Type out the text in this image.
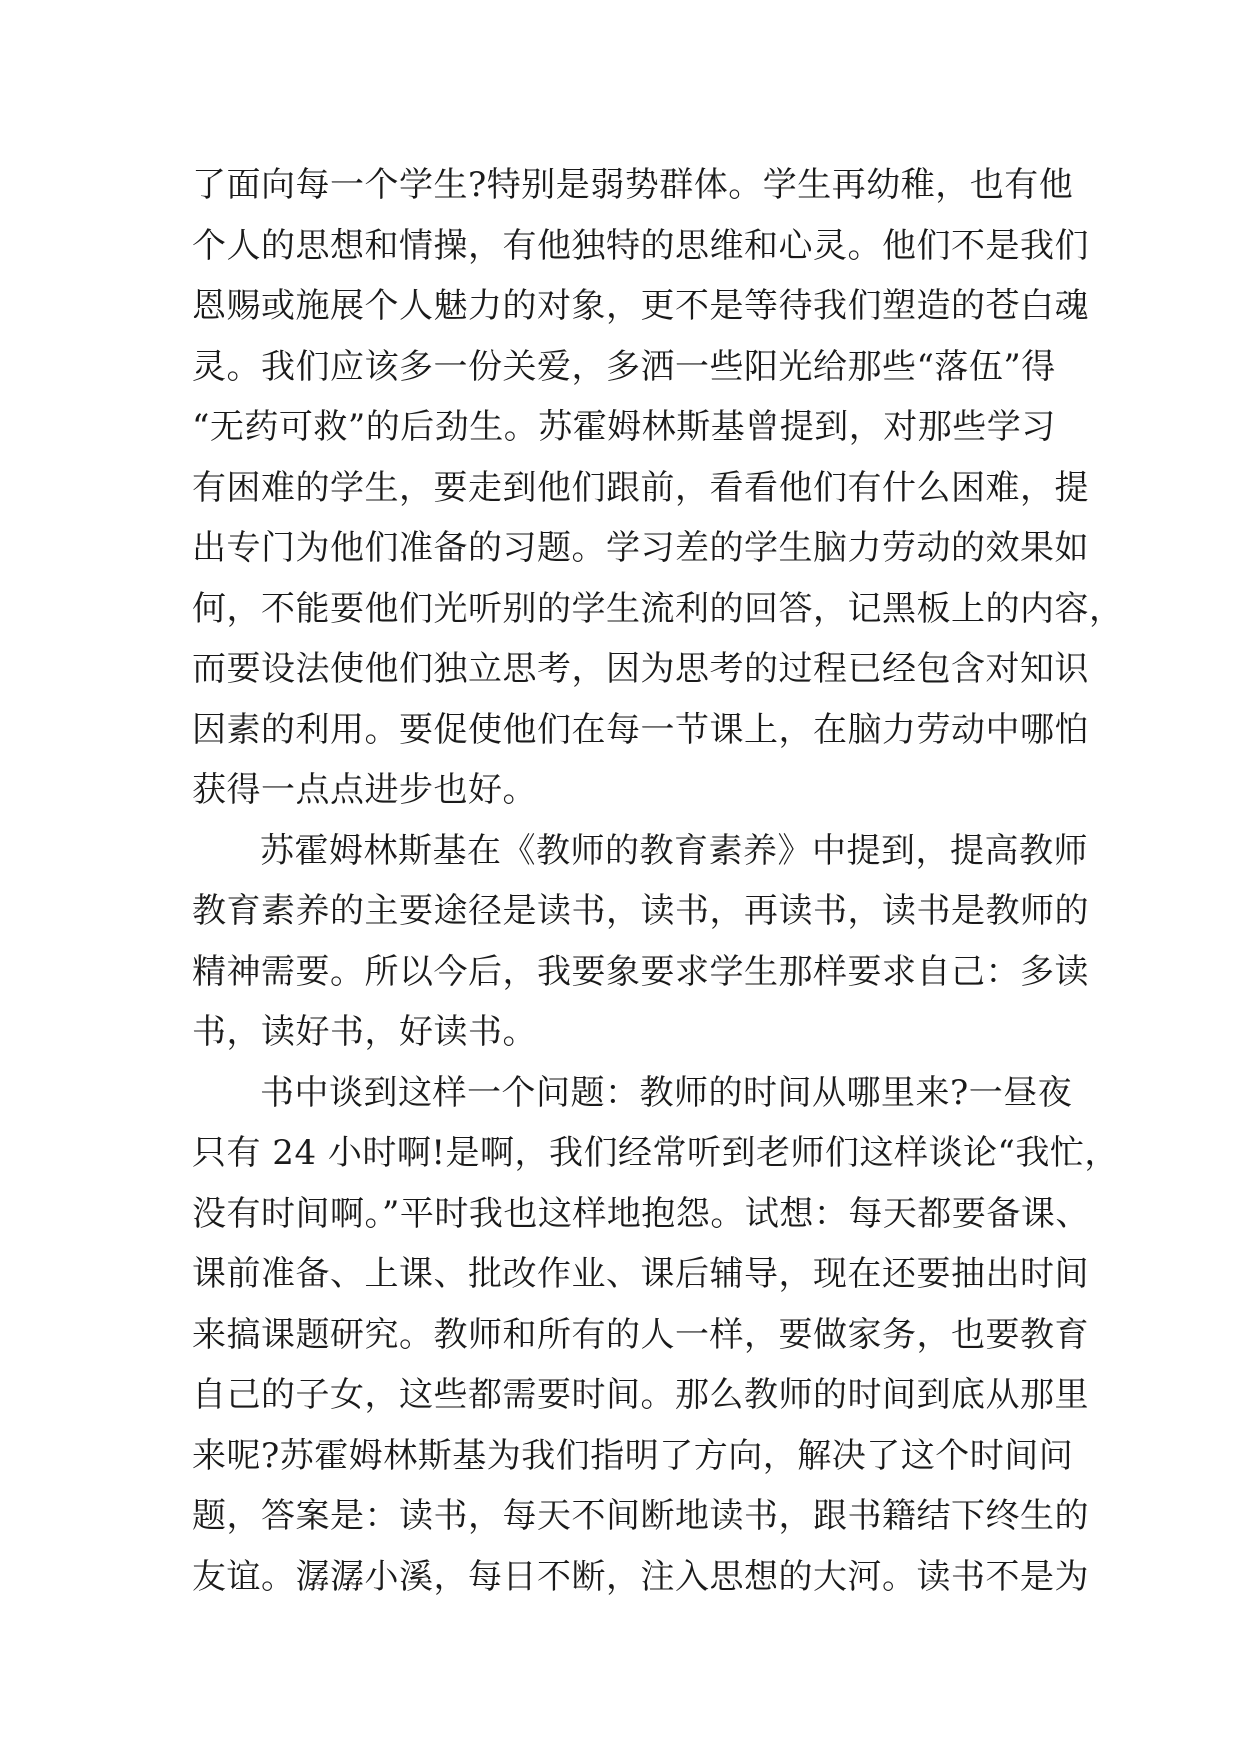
了面向每一个学生?特别是弱势群体。学生再幼稚，也有他
个人的思想和情操，有他独特的思维和心灵。他们不是我们
恩赐或施展个人魅力的对象，更不是等待我们塑造的苍白魂
灵。我们应该多一份关爱，多洒一些阳光给那些“落伍”得
“无药可救”的后劲生。苏霍姆林斯基曾提到，对那些学习
有困难的学生，要走到他们跟前，看看他们有什么困难，提
出专门为他们准备的习题。学习差的学生脑力劳动的效果如
何，不能要他们光听别的学生流利的回答，记黑板上的内容，
而要设法使他们独立思考，因为思考的过程已经包含对知识
因素的利用。要促使他们在每一节课上，在脑力劳动中哪怕
获得一点点进步也好。
苏霍姆林斯基在《教师的教育素养》中提到，提高教师
教育素养的主要途径是读书，读书，再读书，读书是教师的
精神需要。所以今后，我要象要求学生那样要求自己：多读
书，读好书，好读书。
书中谈到这样一个问题：教师的时间从哪里来?一昼夜
只有 24 小时啊!是啊，我们经常听到老师们这样谈论“我忙，
没有时间啊。”平时我也这样地抱怨。试想：每天都要备课、
课前准备、上课、批改作业、课后辅导，现在还要抽出时间
来搞课题研究。教师和所有的人一样，要做家务，也要教育
自己的子女，这些都需要时间。那么教师的时间到底从那里
来呢?苏霍姆林斯基为我们指明了方向，解决了这个时间问
题，答案是：读书，每天不间断地读书，跟书籍结下终生的
友谊。潺潺小溪，每日不断，注入思想的大河。读书不是为
